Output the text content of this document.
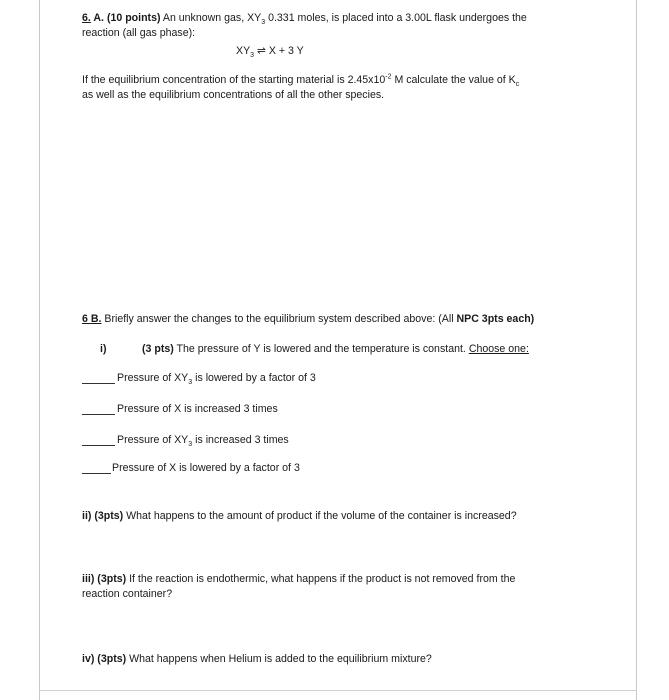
6. A. (10 points) An unknown gas, $XY_3$ 0.331 moles, is placed into a 3.00L flask undergoes the
reaction (all gas phase):
$XY_3$ ⇌ X + 3 Y
If the equilibrium concentration of the starting material is $2.45x10^{-2}$ M calculate the value of $K_c$
as well as the equilibrium concentrations of all the other species.
6 B. Briefly answer the changes to the equilibrium system described above: (All NPC 3pts each)
i)	(3 pts) The pressure of Y is lowered and the temperature is constant. Choose one:
Pressure of $XY_3$ is lowered by a factor of 3
Pressure of X is increased 3 times
Pressure of $XY_3$ is increased 3 times
Pressure of X is lowered by a factor of 3
ii) (3pts) What happens to the amount of product if the volume of the container is increased?
iii) (3pts) If the reaction is endothermic, what happens if the product is not removed from the
reaction container?
iv) (3pts) What happens when Helium is added to the equilibrium mixture?
